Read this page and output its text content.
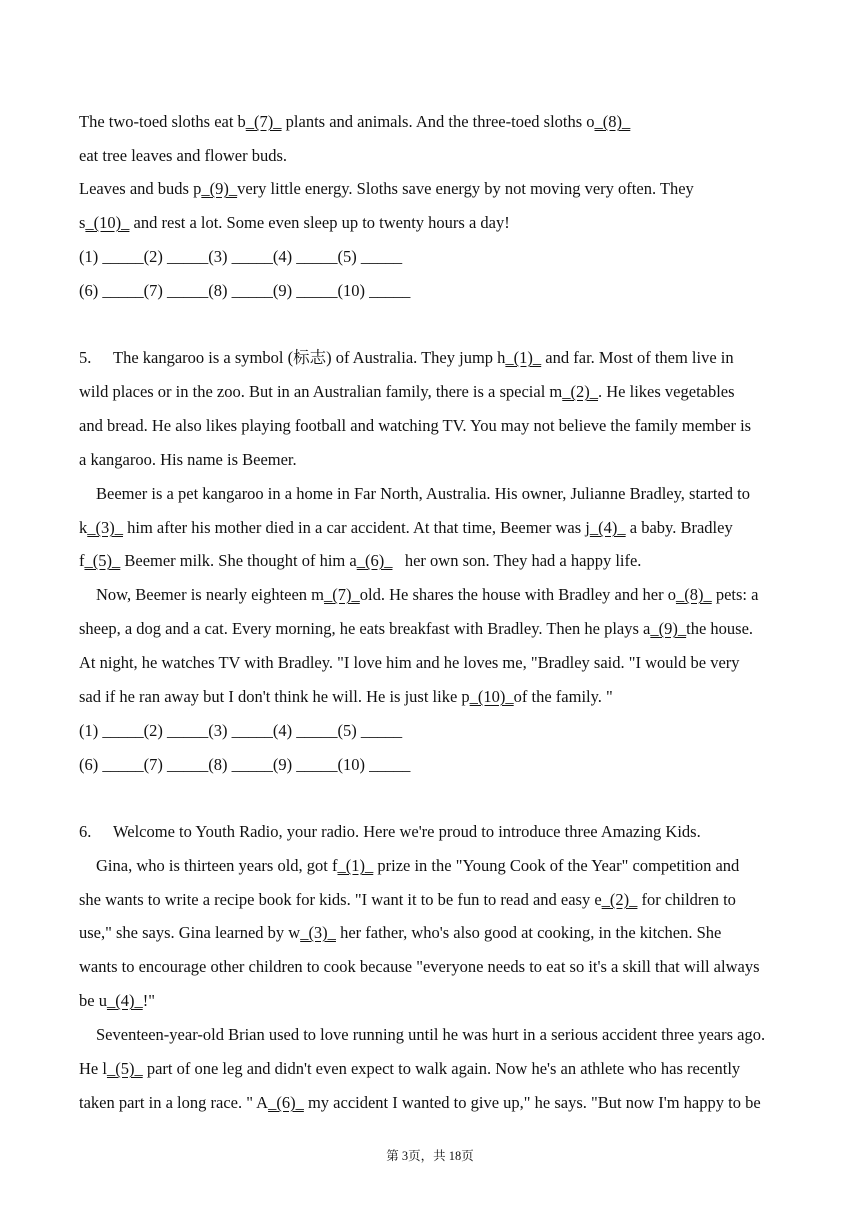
The two-toed sloths eat b_(7)_ plants and animals. And the three-toed sloths o_(8)_
eat tree leaves and flower buds.
Leaves and buds p_(9)_very little energy. Sloths save energy by not moving very often. They
s_(10)_ and rest a lot. Some even sleep up to twenty hours a day!
(1) _____(2) _____(3) _____(4) _____(5) _____
(6) _____(7) _____(8) _____(9) _____(10) _____
5. The kangaroo is a symbol (标志) of Australia. They jump h_(1)_ and far. Most of them live in
wild places or in the zoo. But in an Australian family, there is a special m_(2)_. He likes vegetables
and bread. He also likes playing football and watching TV. You may not believe the family member is
a kangaroo. His name is Beemer.
Beemer is a pet kangaroo in a home in Far North, Australia. His owner, Julianne Bradley, started to
k_(3)_ him after his mother died in a car accident. At that time, Beemer was j_(4)_ a baby. Bradley
f_(5)_ Beemer milk. She thought of him a_(6)_   her own son. They had a happy life.
Now, Beemer is nearly eighteen m_(7)_old. He shares the house with Bradley and her o_(8)_ pets: a
sheep, a dog and a cat. Every morning, he eats breakfast with Bradley. Then he plays a_(9)_the house.
At night, he watches TV with Bradley. "I love him and he loves me, "Bradley said. "I would be very
sad if he ran away but I don't think he will. He is just like p_(10)_of the family. "
(1) _____(2) _____(3) _____(4) _____(5) _____
(6) _____(7) _____(8) _____(9) _____(10) _____
6. Welcome to Youth Radio, your radio. Here we're proud to introduce three Amazing Kids.
Gina, who is thirteen years old, got f_(1)_ prize in the "Young Cook of the Year" competition and
she wants to write a recipe book for kids. "I want it to be fun to read and easy e_(2)_ for children to
use," she says. Gina learned by w_(3)_ her father, who's also good at cooking, in the kitchen. She
wants to encourage other children to cook because "everyone needs to eat so it's a skill that will always
be u_(4)_!"
Seventeen-year-old Brian used to love running until he was hurt in a serious accident three years ago.
He l_(5)_ part of one leg and didn't even expect to walk again. Now he's an athlete who has recently
taken part in a long race. " A_(6)_ my accident I wanted to give up," he says. "But now I'm happy to be
第 3页，共 18页
